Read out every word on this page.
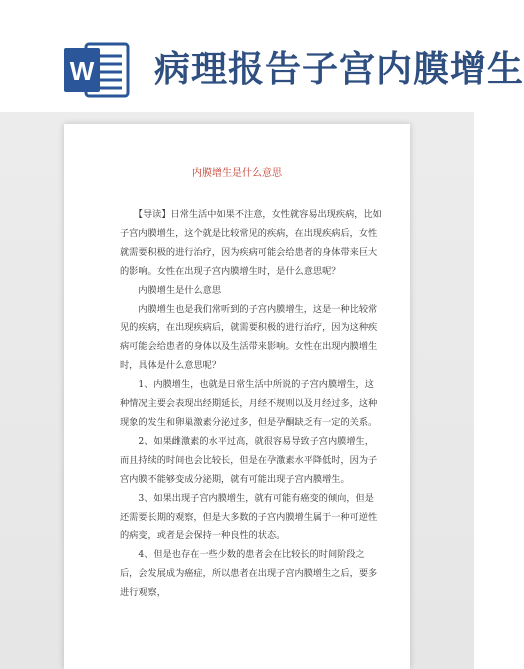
W 病理报告子宫内膜增生
内膜增生是什么意思

　　【导读】日常生活中如果不注意，女性就容易出现疾病，比如子宫内膜增生，这个就是比较常见的疾病，在出现疾病后，女性就需要积极的进行治疗，因为疾病可能会给患者的身体带来巨大的影响。女性在出现子宫内膜增生时，是什么意思呢？

　　内膜增生是什么意思

　　内膜增生也是我们常听到的子宫内膜增生，这是一种比较常见的疾病，在出现疾病后，就需要积极的进行治疗，因为这种疾病可能会给患者的身体以及生活带来影响。女性在出现内膜增生时，具体是什么意思呢？

　　1、内膜增生，也就是日常生活中所说的子宫内膜增生，这种情况主要会表现出经期延长，月经不规则以及月经过多，这种现象的发生和卵巢激素分泌过多，但是孕酮缺乏有一定的关系。

　　2、如果雌激素的水平过高，就很容易导致子宫内膜增生，而且持续的时间也会比较长，但是在孕激素水平降低时，因为子宫内膜不能够变成分泌期，就有可能出现子宫内膜增生。

　　3、如果出现子宫内膜增生，就有可能有癌变的倾向，但是还需要长期的观察，但是大多数的子宫内膜增生属于一种可逆性的病变，或者是会保持一种良性的状态。

　　4、但是也存在一些少数的患者会在比较长的时间阶段之后，会发展成为癌症，所以患者在出现子宫内膜增生之后，要多进行观察，
